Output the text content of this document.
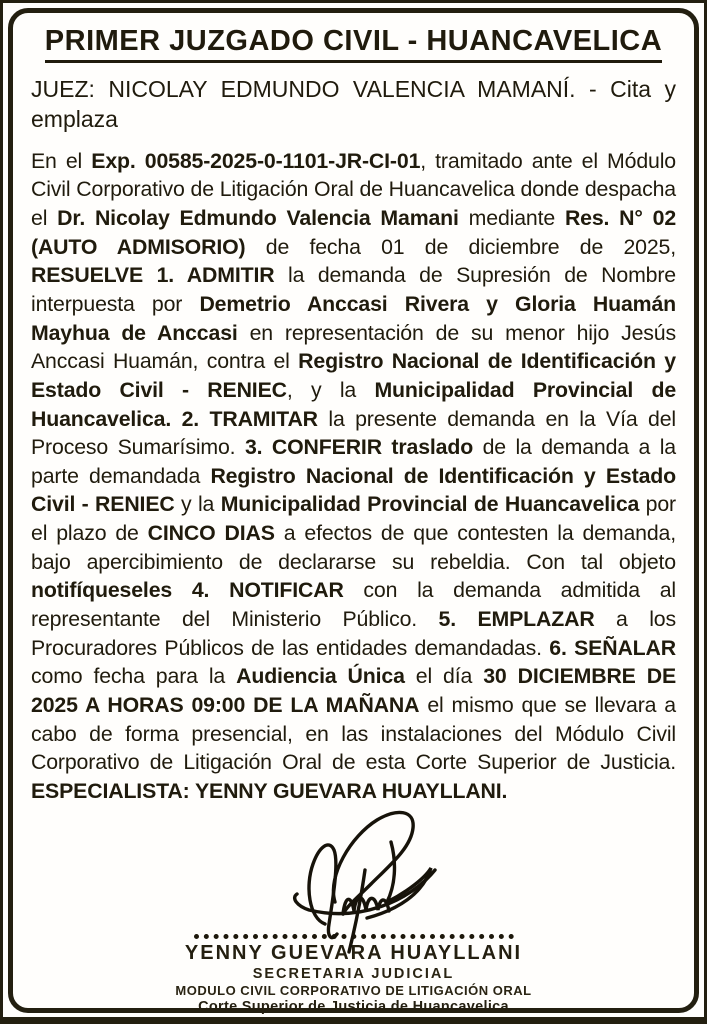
PRIMER JUZGADO CIVIL - HUANCAVELICA
JUEZ: NICOLAY EDMUNDO VALENCIA MAMANÍ. - Cita y emplaza
En el Exp. 00585-2025-0-1101-JR-CI-01, tramitado ante el Módulo Civil Corporativo de Litigación Oral de Huancavelica donde despacha el Dr. Nicolay Edmundo Valencia Mamani mediante Res. N° 02 (AUTO ADMISORIO) de fecha 01 de diciembre de 2025, RESUELVE 1. ADMITIR la demanda de Supresión de Nombre interpuesta por Demetrio Anccasi Rivera y Gloria Huamán Mayhua de Anccasi en representación de su menor hijo Jesús Anccasi Huamán, contra el Registro Nacional de Identificación y Estado Civil - RENIEC, y la Municipalidad Provincial de Huancavelica. 2. TRAMITAR la presente demanda en la Vía del Proceso Sumarísimo. 3. CONFERIR traslado de la demanda a la parte demandada Registro Nacional de Identificación y Estado Civil - RENIEC y la Municipalidad Provincial de Huancavelica por el plazo de CINCO DIAS a efectos de que contesten la demanda, bajo apercibimiento de declararse su rebeldia. Con tal objeto notifíqueseles 4. NOTIFICAR con la demanda admitida al representante del Ministerio Público. 5. EMPLAZAR a los Procuradores Públicos de las entidades demandadas. 6. SEÑALAR como fecha para la Audiencia Única el día 30 DICIEMBRE DE 2025 A HORAS 09:00 DE LA MAÑANA el mismo que se llevara a cabo de forma presencial, en las instalaciones del Módulo Civil Corporativo de Litigación Oral de esta Corte Superior de Justicia. ESPECIALISTA: YENNY GUEVARA HUAYLLANI.
YENNY GUEVARA HUAYLLANI
SECRETARIA JUDICIAL
MODULO CIVIL CORPORATIVO DE LITIGACIÓN ORAL
Corte Superior de Justicia de Huancavelica
